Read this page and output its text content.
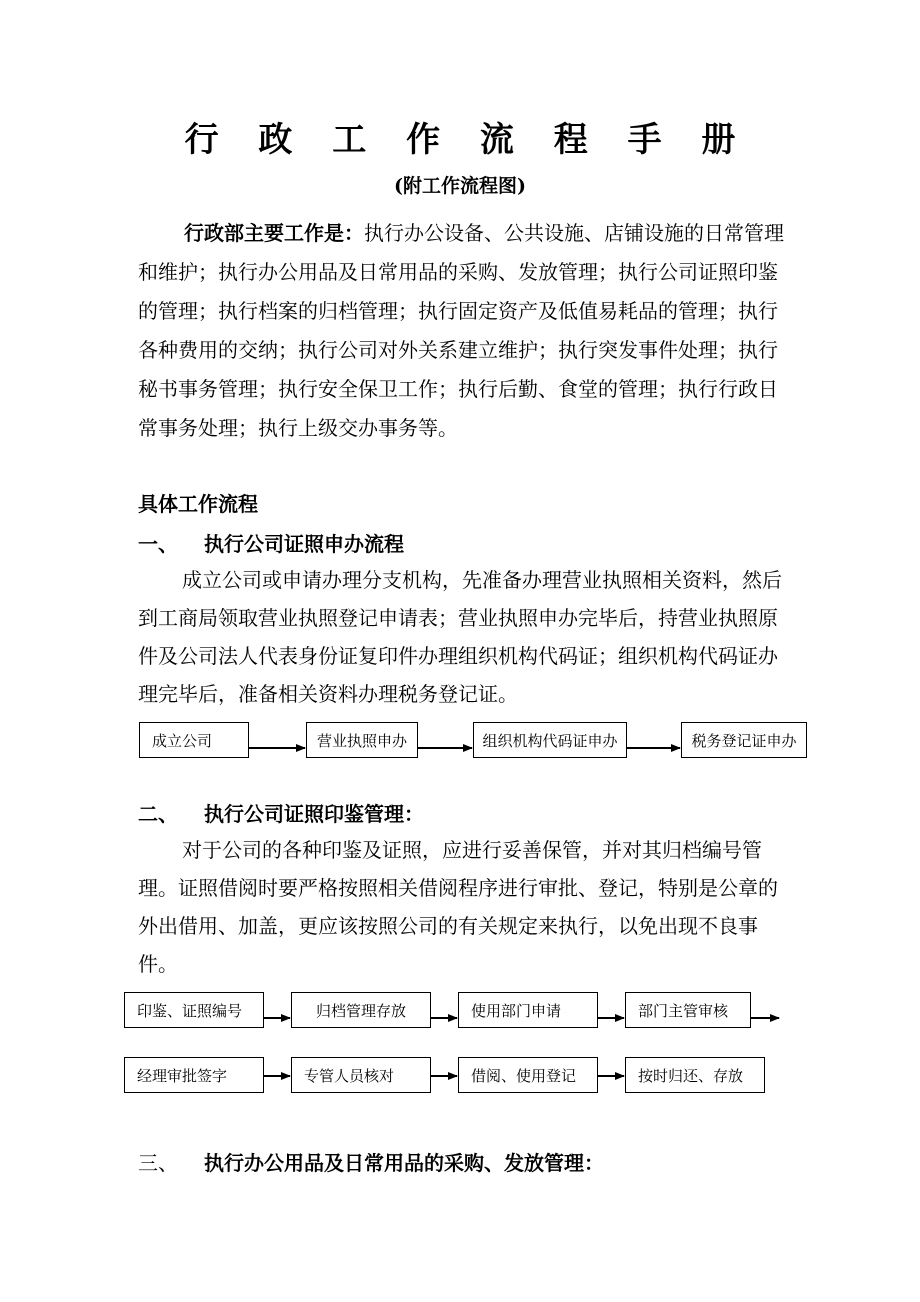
行 政 工 作 流 程 手 册
(附工作流程图)
行政部主要工作是：执行办公设备、公共设施、店铺设施的日常管理和维护；执行办公用品及日常用品的采购、发放管理；执行公司证照印鉴的管理；执行档案的归档管理；执行固定资产及低值易耗品的管理；执行各种费用的交纳；执行公司对外关系建立维护；执行突发事件处理；执行秘书事务管理；执行安全保卫工作；执行后勤、食堂的管理；执行行政日常事务处理；执行上级交办事务等。
具体工作流程
一、 执行公司证照申办流程
成立公司或申请办理分支机构，先准备办理营业执照相关资料，然后到工商局领取营业执照登记申请表；营业执照申办完毕后，持营业执照原件及公司法人代表身份证复印件办理组织机构代码证；组织机构代码证办理完毕后，准备相关资料办理税务登记证。
成立公司	营业执照申办	组织机构代码证申办	税务登记证申办
二、 执行公司证照印鉴管理：
对于公司的各种印鉴及证照，应进行妥善保管，并对其归档编号管理。证照借阅时要严格按照相关借阅程序进行审批、登记，特别是公章的外出借用、加盖，更应该按照公司的有关规定来执行，以免出现不良事件。
印鉴、证照编号	归档管理存放	使用部门申请	部门主管审核
经理审批签字	专管人员核对	借阅、使用登记	按时归还、存放
三、 执行办公用品及日常用品的采购、发放管理：
